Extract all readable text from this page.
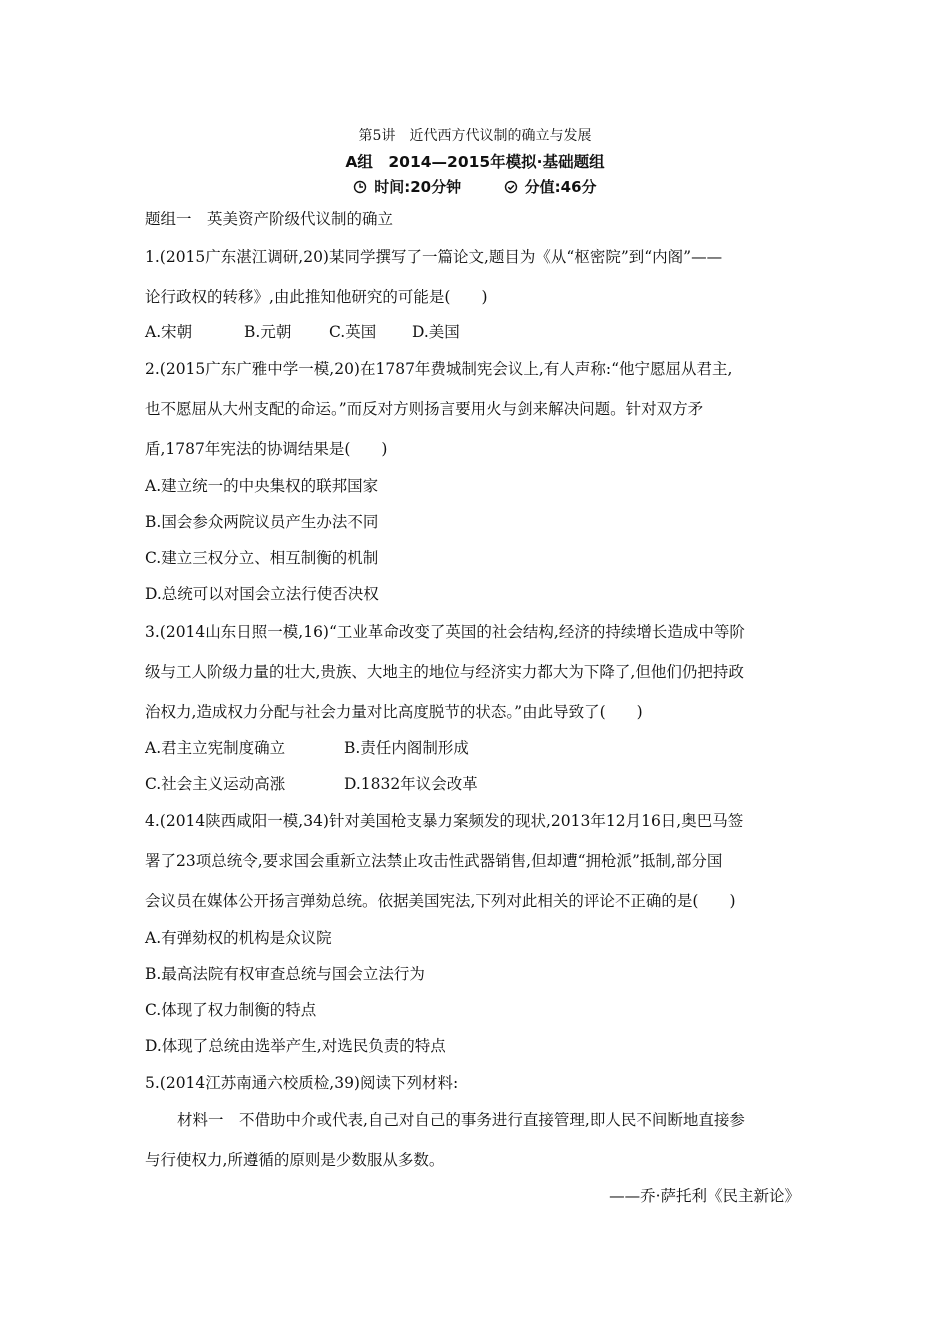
第5讲　近代西方代议制的确立与发展
A组　2014—2015年模拟·基础题组
时间:20分钟	分值:46分
题组一　英美资产阶级代议制的确立
1.(2015广东湛江调研,20)某同学撰写了一篇论文,题目为《从“枢密院”到“内阁”——
论行政权的转移》,由此推知他研究的可能是(　　)
A.宋朝	B.元朝 C.英国 D.美国
2.(2015广东广雅中学一模,20)在1787年费城制宪会议上,有人声称:“他宁愿屈从君主,
也不愿屈从大州支配的命运。”而反对方则扬言要用火与剑来解决问题。针对双方矛
盾,1787年宪法的协调结果是(　　)
A.建立统一的中央集权的联邦国家
B.国会参众两院议员产生办法不同
C.建立三权分立、相互制衡的机制
D.总统可以对国会立法行使否决权
3.(2014山东日照一模,16)“工业革命改变了英国的社会结构,经济的持续增长造成中等阶
级与工人阶级力量的壮大,贵族、大地主的地位与经济实力都大为下降了,但他们仍把持政
治权力,造成权力分配与社会力量对比高度脱节的状态。”由此导致了(　　)
A.君主立宪制度确立	B.责任内阁制形成
C.社会主义运动高涨	D.1832年议会改革
4.(2014陕西咸阳一模,34)针对美国枪支暴力案频发的现状,2013年12月16日,奥巴马签
署了23项总统令,要求国会重新立法禁止攻击性武器销售,但却遭“拥枪派”抵制,部分国
会议员在媒体公开扬言弹劾总统。依据美国宪法,下列对此相关的评论不正确的是(　　)
A.有弹劾权的机构是众议院
B.最高法院有权审查总统与国会立法行为
C.体现了权力制衡的特点
D.体现了总统由选举产生,对选民负责的特点
5.(2014江苏南通六校质检,39)阅读下列材料:
材料一　不借助中介或代表,自己对自己的事务进行直接管理,即人民不间断地直接参
与行使权力,所遵循的原则是少数服从多数。
——乔·萨托利《民主新论》
